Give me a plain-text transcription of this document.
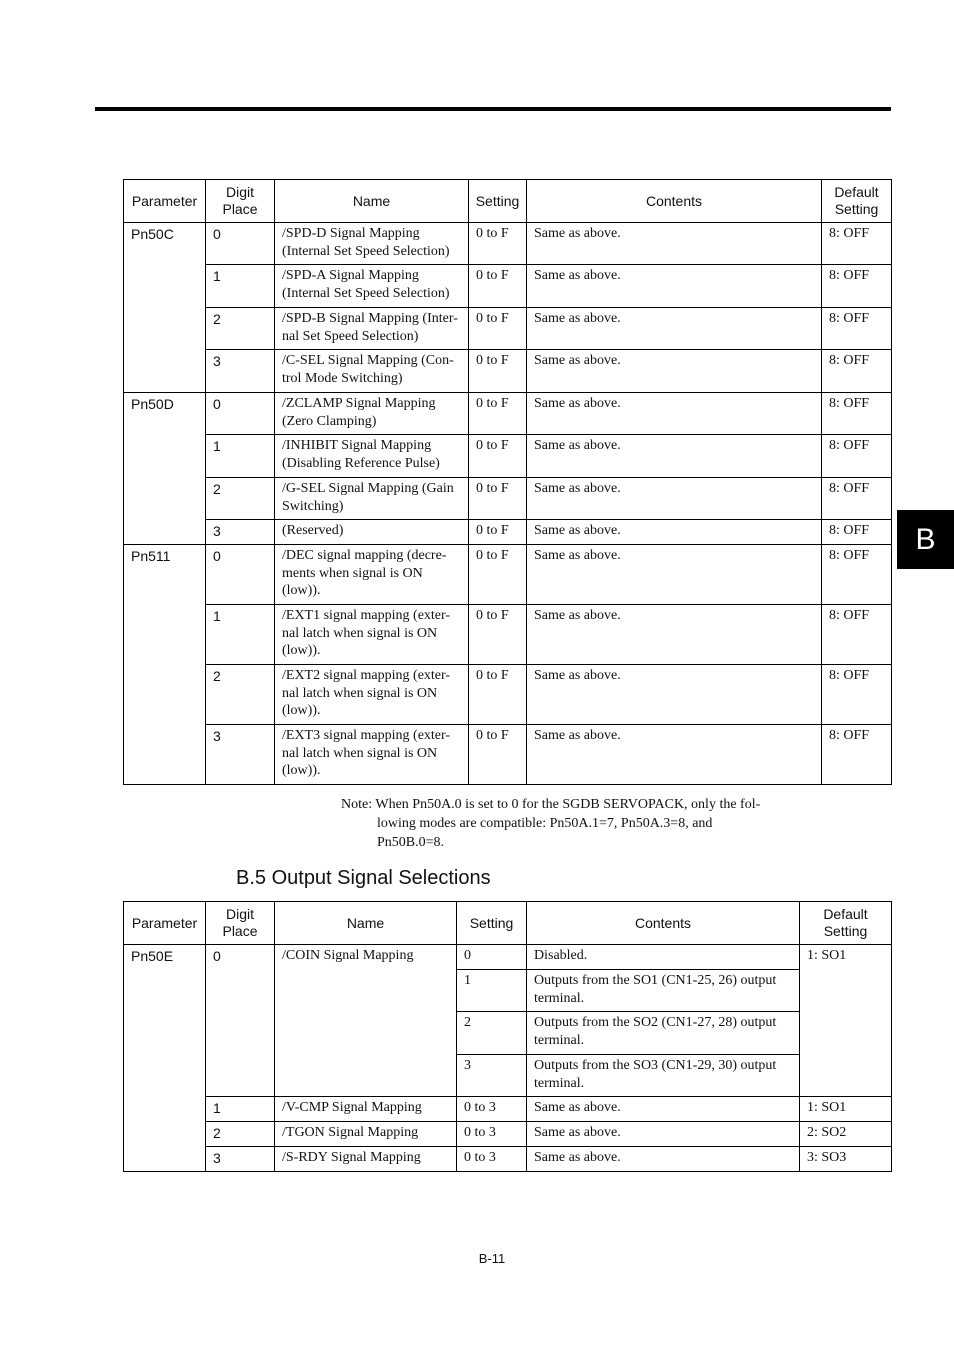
B
Parameter	Digit Place	Name	Setting	Contents	Default Setting
Pn50C	0	/SPD-D Signal Mapping (Internal Set Speed Selection)	0 to F	Same as above.	8: OFF
	1	/SPD-A Signal Mapping (Internal Set Speed Selection)	0 to F	Same as above.	8: OFF
	2	/SPD-B Signal Mapping (Inter-nal Set Speed Selection)	0 to F	Same as above.	8: OFF
	3	/C-SEL Signal Mapping (Con-trol Mode Switching)	0 to F	Same as above.	8: OFF
Pn50D	0	/ZCLAMP Signal Mapping (Zero Clamping)	0 to F	Same as above.	8: OFF
	1	/INHIBIT Signal Mapping (Disabling Reference Pulse)	0 to F	Same as above.	8: OFF
	2	/G-SEL Signal Mapping (Gain Switching)	0 to F	Same as above.	8: OFF
	3	(Reserved)	0 to F	Same as above.	8: OFF
Pn511	0	/DEC signal mapping (decre-ments when signal is ON (low)).	0 to F	Same as above.	8: OFF
	1	/EXT1 signal mapping (exter-nal latch when signal is ON (low)).	0 to F	Same as above.	8: OFF
	2	/EXT2 signal mapping (exter-nal latch when signal is ON (low)).	0 to F	Same as above.	8: OFF
	3	/EXT3 signal mapping (exter-nal latch when signal is ON (low)).	0 to F	Same as above.	8: OFF
Note: When Pn50A.0 is set to 0 for the SGDB SERVOPACK, only the fol-

lowing modes are compatible: Pn50A.1=7, Pn50A.3=8, and
Pn50B.0=8.
B.5 Output Signal Selections
Parameter	Digit Place	Name	Setting	Contents	Default Setting
Pn50E	0	/COIN Signal Mapping	0	Disabled.	1: SO1
			1	Outputs from the SO1 (CN1-25, 26) output terminal.	
			2	Outputs from the SO2 (CN1-27, 28) output terminal.	
			3	Outputs from the SO3 (CN1-29, 30) output terminal.	
	1	/V-CMP Signal Mapping	0 to 3	Same as above.	1: SO1
	2	/TGON Signal Mapping	0 to 3	Same as above.	2: SO2
	3	/S-RDY Signal Mapping	0 to 3	Same as above.	3: SO3
B-11
